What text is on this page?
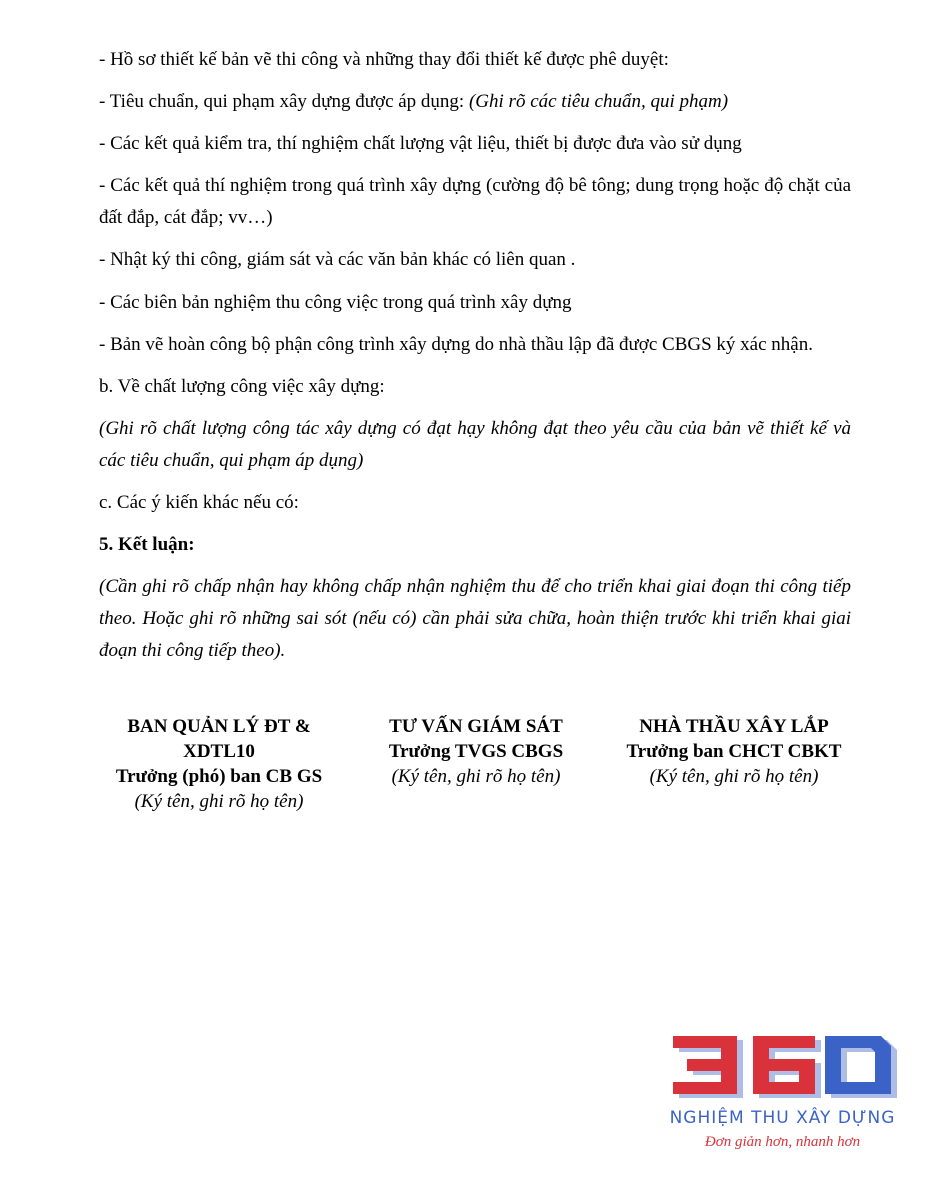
- Hồ sơ thiết kế bản vẽ thi công và những thay đổi thiết kế được phê duyệt:

- Tiêu chuẩn, qui phạm xây dựng được áp dụng: (Ghi rõ các tiêu chuẩn, qui phạm)

- Các kết quả kiểm tra, thí nghiệm chất lượng vật liệu, thiết bị được đưa vào sử dụng

- Các kết quả thí nghiệm trong quá trình xây dựng (cường độ bê tông; dung trọng hoặc độ chặt của đất đắp, cát đắp; vv…)

- Nhật ký thi công, giám sát và các văn bản khác có liên quan .

- Các biên bản nghiệm thu công việc trong quá trình xây dựng

- Bản vẽ hoàn công bộ phận công trình xây dựng do nhà thầu lập đã được CBGS ký xác nhận.

b. Về chất lượng công việc xây dựng:

(Ghi rõ chất lượng công tác xây dựng có đạt hạy không đạt theo yêu cầu của bản vẽ thiết kế và các tiêu chuẩn, qui phạm áp dụng)

c. Các ý kiến khác nếu có:

5. Kết luận:

(Cần ghi rõ chấp nhận hay không chấp nhận nghiệm thu để cho triển khai giai đoạn thi công tiếp theo. Hoặc ghi rõ những sai sót (nếu có) cần phải sửa chữa, hoàn thiện trước khi triển khai giai đoạn thi công tiếp theo).

BAN QUẢN LÝ ĐT & XDTL10
Trưởng (phó) ban CB GS
(Ký tên, ghi rõ họ tên)
TƯ VẤN GIÁM SÁT
Trưởng TVGS CBGS
(Ký tên, ghi rõ họ tên)
NHÀ THẦU XÂY LẮP
Trưởng ban CHCT CBKT
(Ký tên, ghi rõ họ tên)
NGHIỆM THU XÂY DỰNG
Đơn giản hơn, nhanh hơn
